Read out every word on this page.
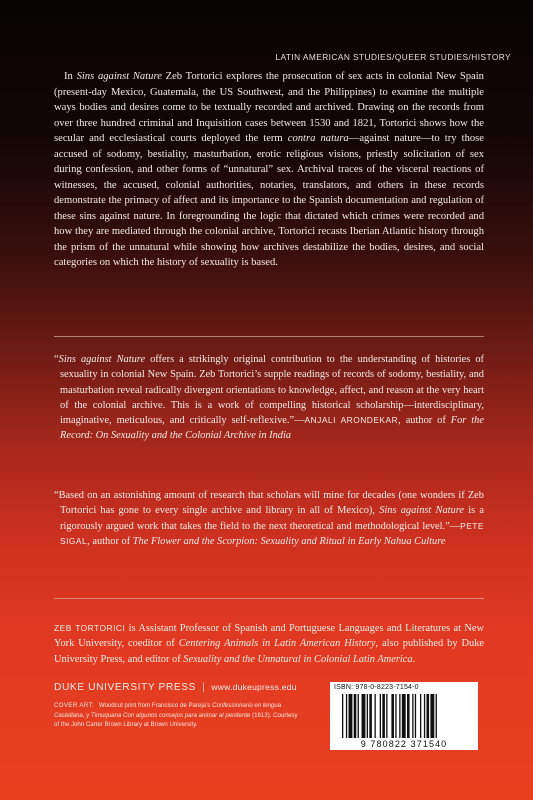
LATIN AMERICAN STUDIES/QUEER STUDIES/HISTORY
In Sins against Nature Zeb Tortorici explores the prosecution of sex acts in colonial New Spain (present-day Mexico, Guatemala, the US Southwest, and the Philippines) to examine the multiple ways bodies and desires come to be textually recorded and archived. Drawing on the records from over three hundred criminal and Inquisition cases between 1530 and 1821, Tortorici shows how the secular and ecclesiastical courts deployed the term contra natura—against nature—to try those accused of sodomy, bestiality, masturbation, erotic religious visions, priestly solicitation of sex during confession, and other forms of “unnatural” sex. Archival traces of the visceral reactions of witnesses, the accused, colonial authorities, notaries, translators, and others in these records demonstrate the primacy of affect and its importance to the Spanish documentation and regulation of these sins against nature. In foregrounding the logic that dictated which crimes were recorded and how they are mediated through the colonial archive, Tortorici recasts Iberian Atlantic history through the prism of the unnatural while showing how archives destabilize the bodies, desires, and social categories on which the history of sexuality is based.
“Sins against Nature offers a strikingly original contribution to the understanding of histories of sexuality in colonial New Spain. Zeb Tortorici’s supple readings of records of sodomy, bestiality, and masturbation reveal radically divergent orientations to knowledge, affect, and reason at the very heart of the colonial archive. This is a work of compelling historical scholarship—interdisciplinary, imaginative, meticulous, and critically self-reflexive.”—ANJALI ARONDEKAR, author of For the Record: On Sexuality and the Colonial Archive in India
“Based on an astonishing amount of research that scholars will mine for decades (one wonders if Zeb Tortorici has gone to every single archive and library in all of Mexico), Sins against Nature is a rigorously argued work that takes the field to the next theoretical and methodological level.”—PETE SIGAL, author of The Flower and the Scorpion: Sexuality and Ritual in Early Nahua Culture
ZEB TORTORICI is Assistant Professor of Spanish and Portuguese Languages and Literatures at New York University, coeditor of Centering Animals in Latin American History, also published by Duke University Press, and editor of Sexuality and the Unnatural in Colonial Latin America.
DUKE UNIVERSITY PRESS | www.dukeupress.edu
COVER ART: Woodcut print from Francisco de Pareja’s Confessionario en lengua Castellana, y Timuquana Con algunos consejos para animar al penitente (1613). Courtesy of the John Carter Brown Library at Brown University.
ISBN: 978-0-8223-7154-0
9 780822 371540
